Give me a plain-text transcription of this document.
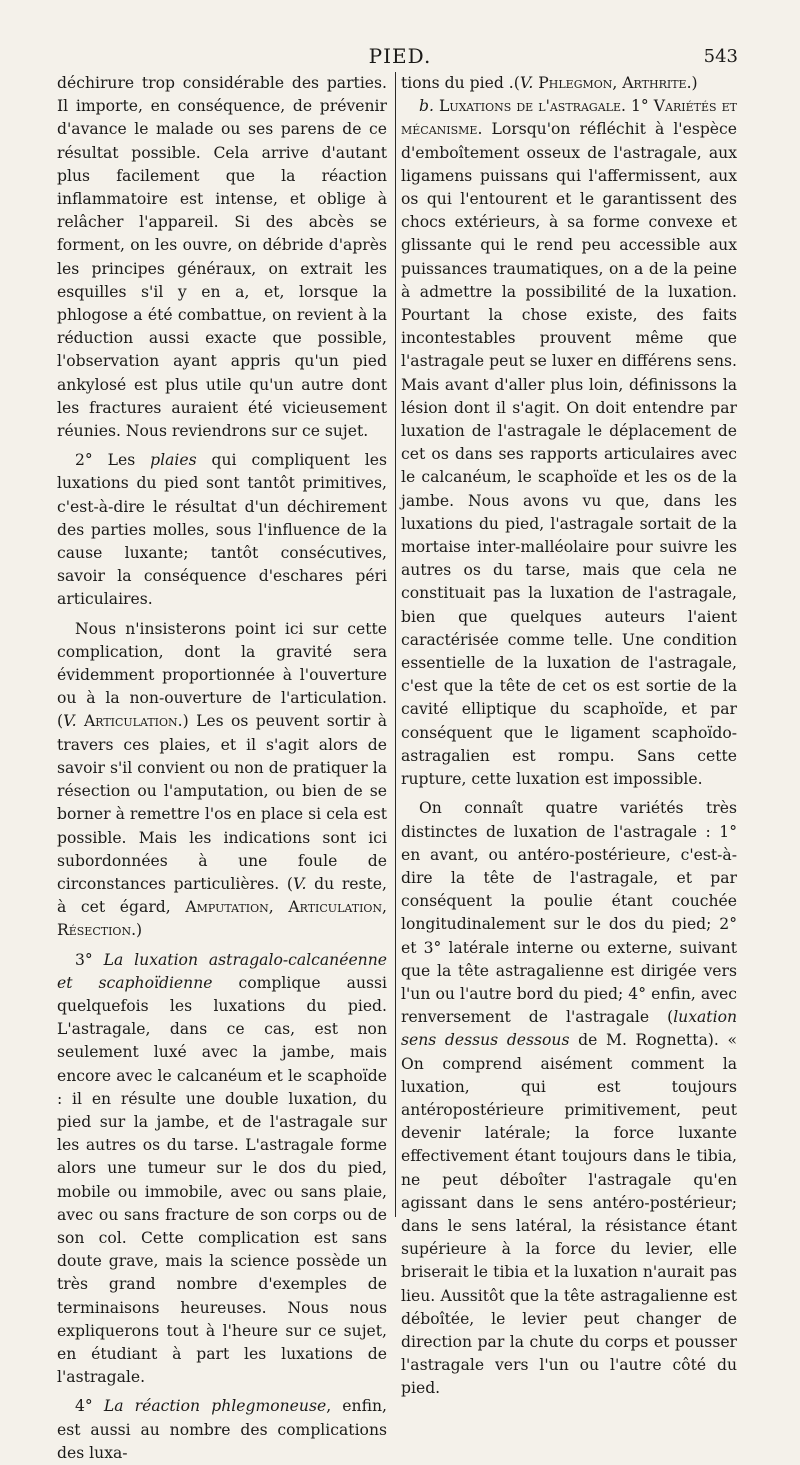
PIED.	543

déchirure trop considérable des parties. Il importe, en conséquence, de prévenir d'avance le malade ou ses parens de ce résultat possible. Cela arrive d'autant plus facilement que la réaction inflammatoire est intense, et oblige à relâcher l'appareil. Si des abcès se forment, on les ouvre, on débride d'après les principes généraux, on extrait les esquilles s'il y en a, et, lorsque la phlogose a été combattue, on revient à la réduction aussi exacte que possible, l'observation ayant appris qu'un pied ankylosé est plus utile qu'un autre dont les fractures auraient été vicieusement réunies. Nous reviendrons sur ce sujet.

2° Les plaies qui compliquent les luxations du pied sont tantôt primitives, c'est-à-dire le résultat d'un déchirement des parties molles, sous l'influence de la cause luxante; tantôt consécutives, savoir la conséquence d'eschares péri articulaires.

Nous n'insisterons point ici sur cette complication, dont la gravité sera évidemment proportionnée à l'ouverture ou à la non-ouverture de l'articulation. (V. Articulation.) Les os peuvent sortir à travers ces plaies, et il s'agit alors de savoir s'il convient ou non de pratiquer la résection ou l'amputation, ou bien de se borner à remettre l'os en place si cela est possible. Mais les indications sont ici subordonnées à une foule de circonstances particulières. (V. du reste, à cet égard, Amputation, Articulation, Résection.)

3° La luxation astragalo-calcanéenne et scaphoïdienne complique aussi quelquefois les luxations du pied. L'astragale, dans ce cas, est non seulement luxé avec la jambe, mais encore avec le calcanéum et le scaphoïde : il en résulte une double luxation, du pied sur la jambe, et de l'astragale sur les autres os du tarse. L'astragale forme alors une tumeur sur le dos du pied, mobile ou immobile, avec ou sans plaie, avec ou sans fracture de son corps ou de son col. Cette complication est sans doute grave, mais la science possède un très grand nombre d'exemples de terminaisons heureuses. Nous nous expliquerons tout à l'heure sur ce sujet, en étudiant à part les luxations de l'astragale.

4° La réaction phlegmoneuse, enfin, est aussi au nombre des complications des luxa-

tions du pied .(V. Phlegmon, Arthrite.)

b. Luxations de l'astragale. 1° Variétés et mécanisme. Lorsqu'on réfléchit à l'espèce d'emboîtement osseux de l'astragale, aux ligamens puissans qui l'affermissent, aux os qui l'entourent et le garantissent des chocs extérieurs, à sa forme convexe et glissante qui le rend peu accessible aux puissances traumatiques, on a de la peine à admettre la possibilité de la luxation. Pourtant la chose existe, des faits incontestables prouvent même que l'astragale peut se luxer en différens sens. Mais avant d'aller plus loin, définissons la lésion dont il s'agit. On doit entendre par luxation de l'astragale le déplacement de cet os dans ses rapports articulaires avec le calcanéum, le scaphoïde et les os de la jambe. Nous avons vu que, dans les luxations du pied, l'astragale sortait de la mortaise inter-malléolaire pour suivre les autres os du tarse, mais que cela ne constituait pas la luxation de l'astragale, bien que quelques auteurs l'aient caractérisée comme telle. Une condition essentielle de la luxation de l'astragale, c'est que la tête de cet os est sortie de la cavité elliptique du scaphoïde, et par conséquent que le ligament scaphoïdo-astragalien est rompu. Sans cette rupture, cette luxation est impossible.

On connaît quatre variétés très distinctes de luxation de l'astragale : 1° en avant, ou antéro-postérieure, c'est-à-dire la tête de l'astragale, et par conséquent la poulie étant couchée longitudinalement sur le dos du pied; 2° et 3° latérale interne ou externe, suivant que la tête astragalienne est dirigée vers l'un ou l'autre bord du pied; 4° enfin, avec renversement de l'astragale (luxation sens dessus dessous de M. Rognetta). « On comprend aisément comment la luxation, qui est toujours antéropostérieure primitivement, peut devenir latérale; la force luxante effectivement étant toujours dans le tibia, ne peut déboîter l'astragale qu'en agissant dans le sens antéro-postérieur; dans le sens latéral, la résistance étant supérieure à la force du levier, elle briserait le tibia et la luxation n'aurait pas lieu. Aussitôt que la tête astragalienne est déboîtée, le levier peut changer de direction par la chute du corps et pousser l'astragale vers l'un ou l'autre côté du pied.
